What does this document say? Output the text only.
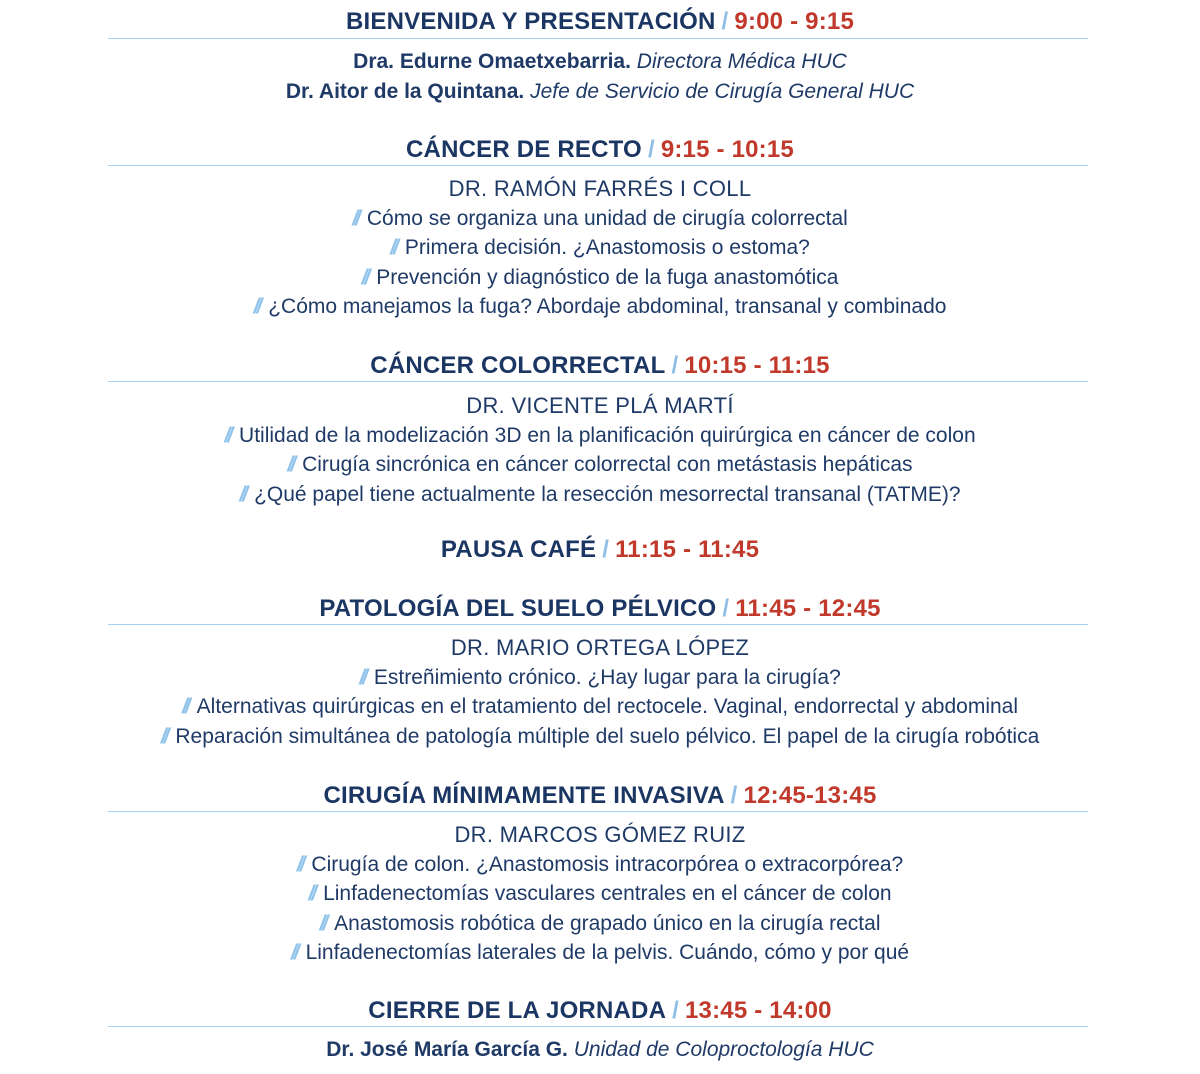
BIENVENIDA Y PRESENTACIÓN / 9:00 - 9:15
Dra. Edurne Omaetxebarria. Directora Médica HUC
Dr. Aitor de la Quintana. Jefe de Servicio de Cirugía General HUC
CÁNCER DE RECTO / 9:15 - 10:15
DR. RAMÓN FARRÉS I COLL
// Cómo se organiza una unidad de cirugía colorrectal
// Primera decisión. ¿Anastomosis o estoma?
// Prevención y diagnóstico de la fuga anastomótica
// ¿Cómo manejamos la fuga? Abordaje abdominal, transanal y combinado
CÁNCER COLORRECTAL / 10:15 - 11:15
DR. VICENTE PLÁ MARTÍ
// Utilidad de la modelización 3D en la planificación quirúrgica en cáncer de colon
// Cirugía sincrónica en cáncer colorrectal con metástasis hepáticas
// ¿Qué papel tiene actualmente la resección mesorrectal transanal (TATME)?
PAUSA CAFÉ / 11:15 - 11:45
PATOLOGÍA DEL SUELO PÉLVICO / 11:45 - 12:45
DR. MARIO ORTEGA LÓPEZ
// Estreñimiento crónico. ¿Hay lugar para la cirugía?
// Alternativas quirúrgicas en el tratamiento del rectocele. Vaginal, endorrectal y abdominal
// Reparación simultánea de patología múltiple del suelo pélvico. El papel de la cirugía robótica
CIRUGÍA MÍNIMAMENTE INVASIVA / 12:45-13:45
DR. MARCOS GÓMEZ RUIZ
// Cirugía de colon. ¿Anastomosis intracorpórea o extracorpórea?
// Linfadenectomías vasculares centrales en el cáncer de colon
// Anastomosis robótica de grapado único en la cirugía rectal
// Linfadenectomías laterales de la pelvis. Cuándo, cómo y por qué
CIERRE DE LA JORNADA / 13:45 - 14:00
Dr. José María García G. Unidad de Coloproctología HUC
